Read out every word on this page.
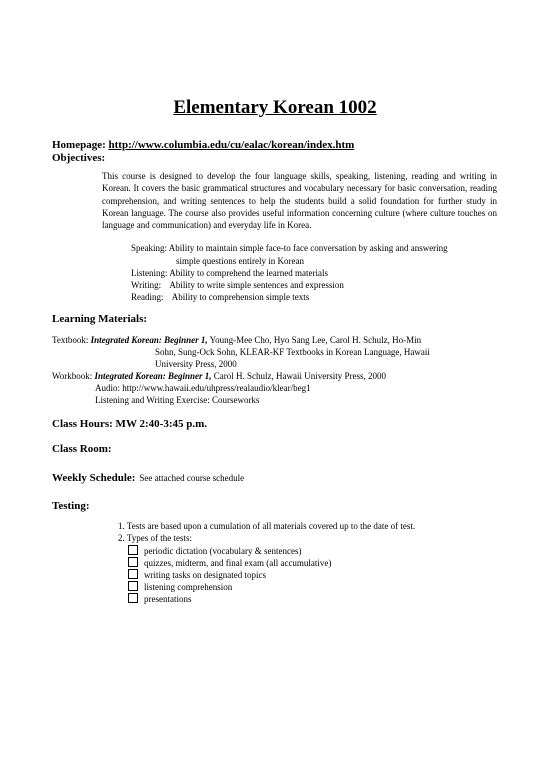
Elementary Korean 1002
Homepage: http://www.columbia.edu/cu/ealac/korean/index.htm
Objectives:

This course is designed to develop the four language skills, speaking, listening, reading and writing in Korean. It covers the basic grammatical structures and vocabulary necessary for basic conversation, reading comprehension, and writing sentences to help the students build a solid foundation for further study in Korean language. The course also provides useful information concerning culture (where culture touches on language and communication) and everyday life in Korea.

Speaking: Ability to maintain simple face-to face conversation by asking and answering
simple questions entirely in Korean
Listening: Ability to comprehend the learned materials
Writing: Ability to write simple sentences and expression
Reading: Ability to comprehension simple texts
Learning Materials:
Textbook: Integrated Korean: Beginner 1, Young-Mee Cho, Hyo Sang Lee, Carol H. Schulz, Ho-Min
Sohn, Sung-Ock Sohn, KLEAR-KF Textbooks in Korean Language, Hawaii
University Press, 2000
Workbook: Integrated Korean: Beginner 1, Carol H. Schulz, Hawaii University Press, 2000
Audio: http://www.hawaii.edu/uhpress/realaudio/klear/beg1
Listening and Writing Exercise: Courseworks
Class Hours: MW 2:40-3:45 p.m.
Class Room:
Weekly Schedule: See attached course schedule
Testing:
1. Tests are based upon a cumulation of all materials covered up to the date of test.
2. Types of the tests:
periodic dictation (vocabulary & sentences)
quizzes, midterm, and final exam (all accumulative)
writing tasks on designated topics
listening comprehension
presentations
